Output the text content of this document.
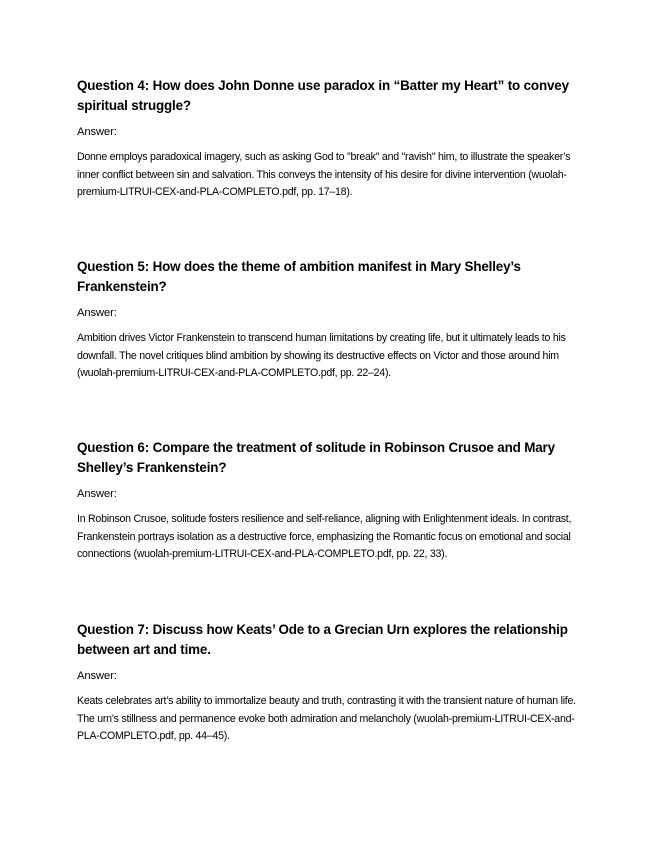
Question 4: How does John Donne use paradox in “Batter my Heart” to convey spiritual struggle?

Answer:

Donne employs paradoxical imagery, such as asking God to "break" and "ravish" him, to illustrate the speaker’s inner conflict between sin and salvation. This conveys the intensity of his desire for divine intervention (wuolah-premium-LITRUI-CEX-and-PLA-COMPLETO.pdf, pp. 17–18).

Question 5: How does the theme of ambition manifest in Mary Shelley’s Frankenstein?

Answer:

Ambition drives Victor Frankenstein to transcend human limitations by creating life, but it ultimately leads to his downfall. The novel critiques blind ambition by showing its destructive effects on Victor and those around him (wuolah-premium-LITRUI-CEX-and-PLA-COMPLETO.pdf, pp. 22–24).

Question 6: Compare the treatment of solitude in Robinson Crusoe and Mary Shelley’s Frankenstein?

Answer:

In Robinson Crusoe, solitude fosters resilience and self-reliance, aligning with Enlightenment ideals. In contrast, Frankenstein portrays isolation as a destructive force, emphasizing the Romantic focus on emotional and social connections (wuolah-premium-LITRUI-CEX-and-PLA-COMPLETO.pdf, pp. 22, 33).

Question 7: Discuss how Keats’ Ode to a Grecian Urn explores the relationship between art and time.

Answer:

Keats celebrates art’s ability to immortalize beauty and truth, contrasting it with the transient nature of human life. The urn’s stillness and permanence evoke both admiration and melancholy (wuolah-premium-LITRUI-CEX-and-PLA-COMPLETO.pdf, pp. 44–45).
